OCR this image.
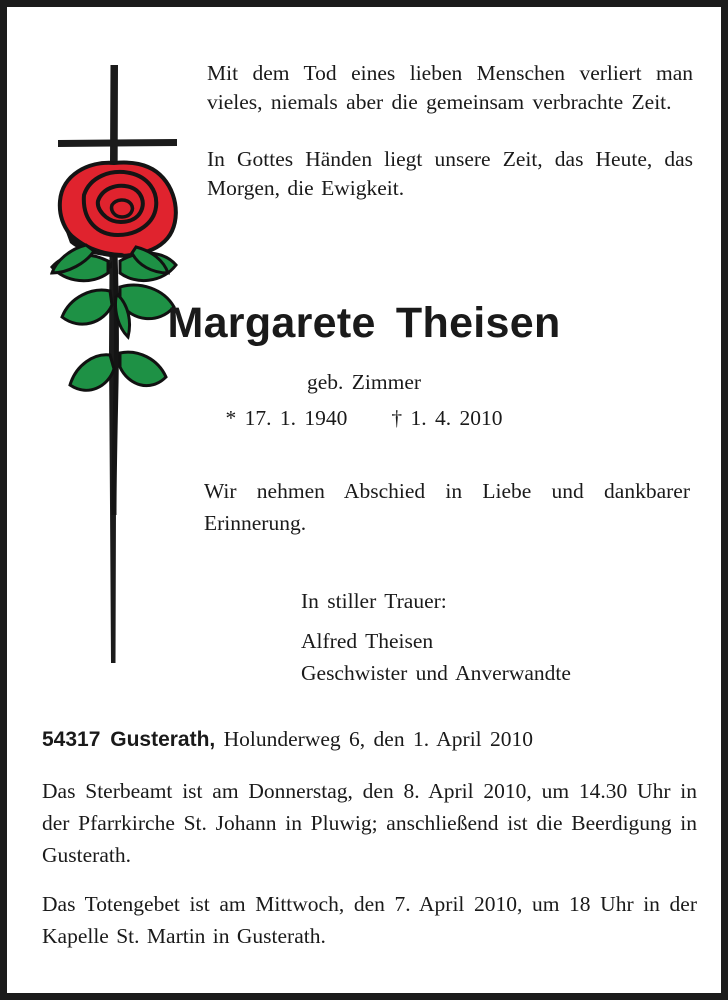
Mit dem Tod eines lieben Menschen verliert man vieles, niemals aber die gemeinsam verbrachte Zeit.

In Gottes Händen liegt unsere Zeit, das Heute, das Morgen, die Ewigkeit.

Margarete Theisen
geb. Zimmer
* 17. 1. 1940 † 1. 4. 2010

Wir nehmen Abschied in Liebe und dankbarer Erinnerung.

In stiller Trauer:
Alfred Theisen
Geschwister und Anverwandte
54317 Gusterath, Holunderweg 6, den 1. April 2010

Das Sterbeamt ist am Donnerstag, den 8. April 2010, um 14.30 Uhr in der Pfarrkirche St. Johann in Pluwig; anschließend ist die Beerdigung in Gusterath.

Das Totengebet ist am Mittwoch, den 7. April 2010, um 18 Uhr in der Kapelle St. Martin in Gusterath.
